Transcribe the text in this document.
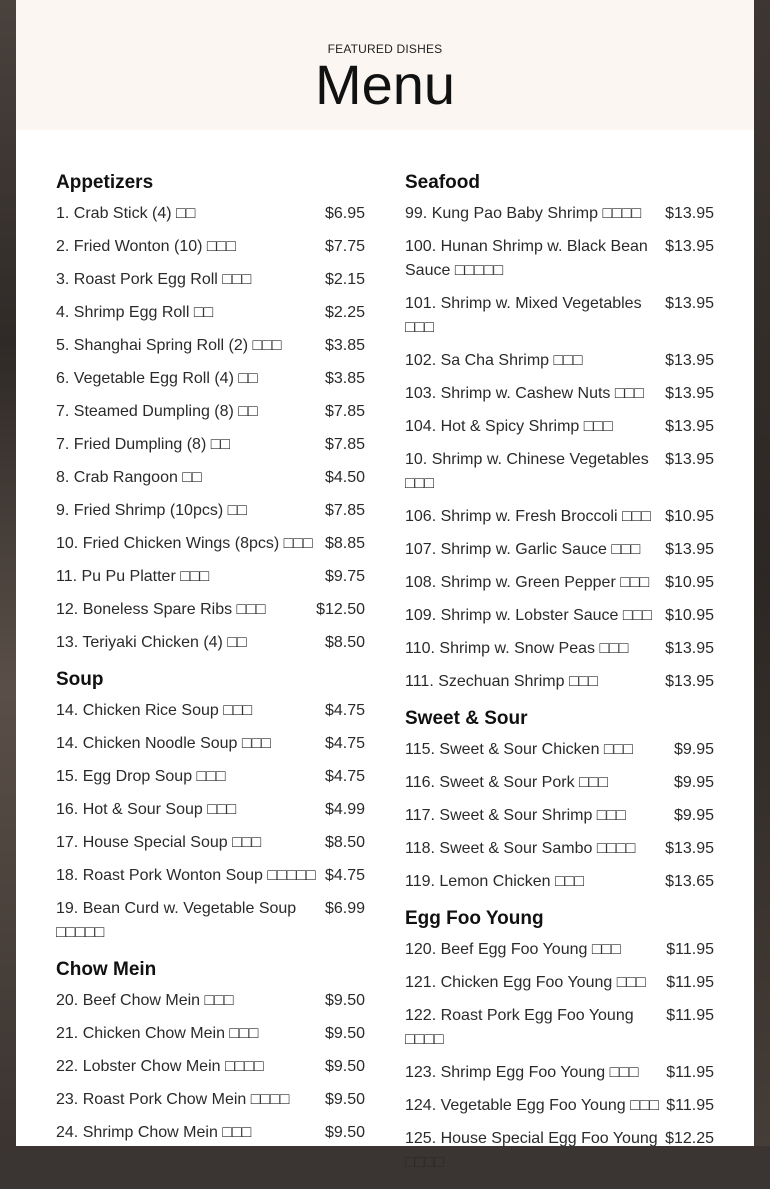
FEATURED DISHES
Menu
Appetizers
1. Crab Stick (4) □□	$6.95
2. Fried Wonton (10) □□□	$7.75
3. Roast Pork Egg Roll □□□	$2.15
4. Shrimp Egg Roll □□	$2.25
5. Shanghai Spring Roll (2) □□□	$3.85
6. Vegetable Egg Roll (4) □□	$3.85
7. Steamed Dumpling (8) □□	$7.85
7. Fried Dumpling (8) □□	$7.85
8. Crab Rangoon □□	$4.50
9. Fried Shrimp (10pcs) □□	$7.85
10. Fried Chicken Wings (8pcs) □□□ $8.85
11. Pu Pu Platter □□□	$9.75
12. Boneless Spare Ribs □□□	$12.50
13. Teriyaki Chicken (4) □□	$8.50
Soup
14. Chicken Rice Soup □□□	$4.75
14. Chicken Noodle Soup □□□	$4.75
15. Egg Drop Soup □□□	$4.75
16. Hot & Sour Soup □□□	$4.99
17. House Special Soup □□□	$8.50
18. Roast Pork Wonton Soup □□□□□ $4.75
19. Bean Curd w. Vegetable Soup □□□□□
$6.99
Chow Mein
20. Beef Chow Mein □□□	$9.50
21. Chicken Chow Mein □□□	$9.50
22. Lobster Chow Mein □□□□	$9.50
23. Roast Pork Chow Mein □□□□	$9.50
24. Shrimp Chow Mein □□□	$9.50
Seafood
99. Kung Pao Baby Shrimp □□□□	$13.95
100. Hunan Shrimp w. Black Bean Sauce □□□□□
$13.95
101. Shrimp w. Mixed Vegetables □□□
$13.95
102. Sa Cha Shrimp □□□	$13.95
103. Shrimp w. Cashew Nuts □□□	$13.95
104. Hot & Spicy Shrimp □□□	$13.95
10. Shrimp w. Chinese Vegetables □□□
$13.95
106. Shrimp w. Fresh Broccoli □□□ $10.95
107. Shrimp w. Garlic Sauce □□□	$13.95
108. Shrimp w. Green Pepper □□□ $10.95
109. Shrimp w. Lobster Sauce □□□ $10.95
110. Shrimp w. Snow Peas □□□	$13.95
111. Szechuan Shrimp □□□	$13.95
Sweet & Sour
115. Sweet & Sour Chicken □□□	$9.95
116. Sweet & Sour Pork □□□	$9.95
117. Sweet & Sour Shrimp □□□	$9.95
118. Sweet & Sour Sambo □□□□	$13.95
119. Lemon Chicken □□□	$13.65
Egg Foo Young
120. Beef Egg Foo Young □□□	$11.95
121. Chicken Egg Foo Young □□□	$11.95
122. Roast Pork Egg Foo Young □□□□
$11.95
123. Shrimp Egg Foo Young □□□	$11.95
124. Vegetable Egg Foo Young □□□ $11.95
125. House Special Egg Foo Young □□□□
$12.25
